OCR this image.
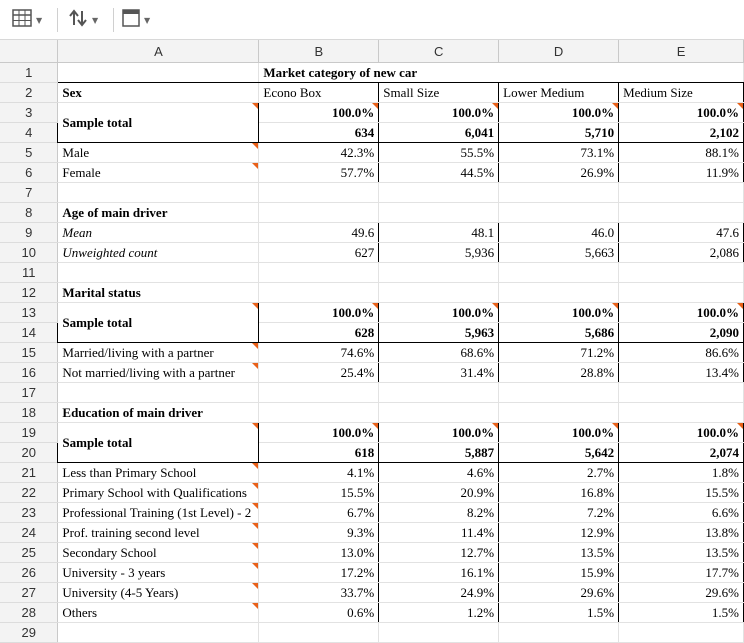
▼	▼	▼
	A	B	C	D	E
1		Market category of new car			
2	Sex	Econo Box	Small Size	Lower Medium	Medium Size
3	Sample total	100.0%	100.0%	100.0%	100.0%

4		634	6,041	5,710	2,102
5	Male	42.3%	55.5%	73.1%	88.1%
6	Female	57.7%	44.5%	26.9%	11.9%
7					
8	Age of main driver				
9	Mean	49.6	48.1	46.0	47.6
10	Unweighted count	627	5,936	5,663	2,086
11					
12	Marital status				
13	Sample total	100.0%	100.0%	100.0%	100.0%

14		628	5,963	5,686	2,090
15	Married/living with a partner	74.6%	68.6%	71.2%	86.6%
16	Not married/living with a partner	25.4%	31.4%	28.8%	13.4%
17					
18	Education of main driver				
19	Sample total	100.0%	100.0%	100.0%	100.0%

20		618	5,887	5,642	2,074
21	Less than Primary School	4.1%	4.6%	2.7%	1.8%
22	Primary School with Qualifications	15.5%	20.9%	16.8%	15.5%
23	Professional Training (1st Level) - 2	6.7%	8.2%	7.2%	6.6%
24	Prof. training second level	9.3%	11.4%	12.9%	13.8%
25	Secondary School	13.0%	12.7%	13.5%	13.5%
26	University - 3 years	17.2%	16.1%	15.9%	17.7%
27	University (4-5 Years)	33.7%	24.9%	29.6%	29.6%
28	Others	0.6%	1.2%	1.5%	1.5%
29					
